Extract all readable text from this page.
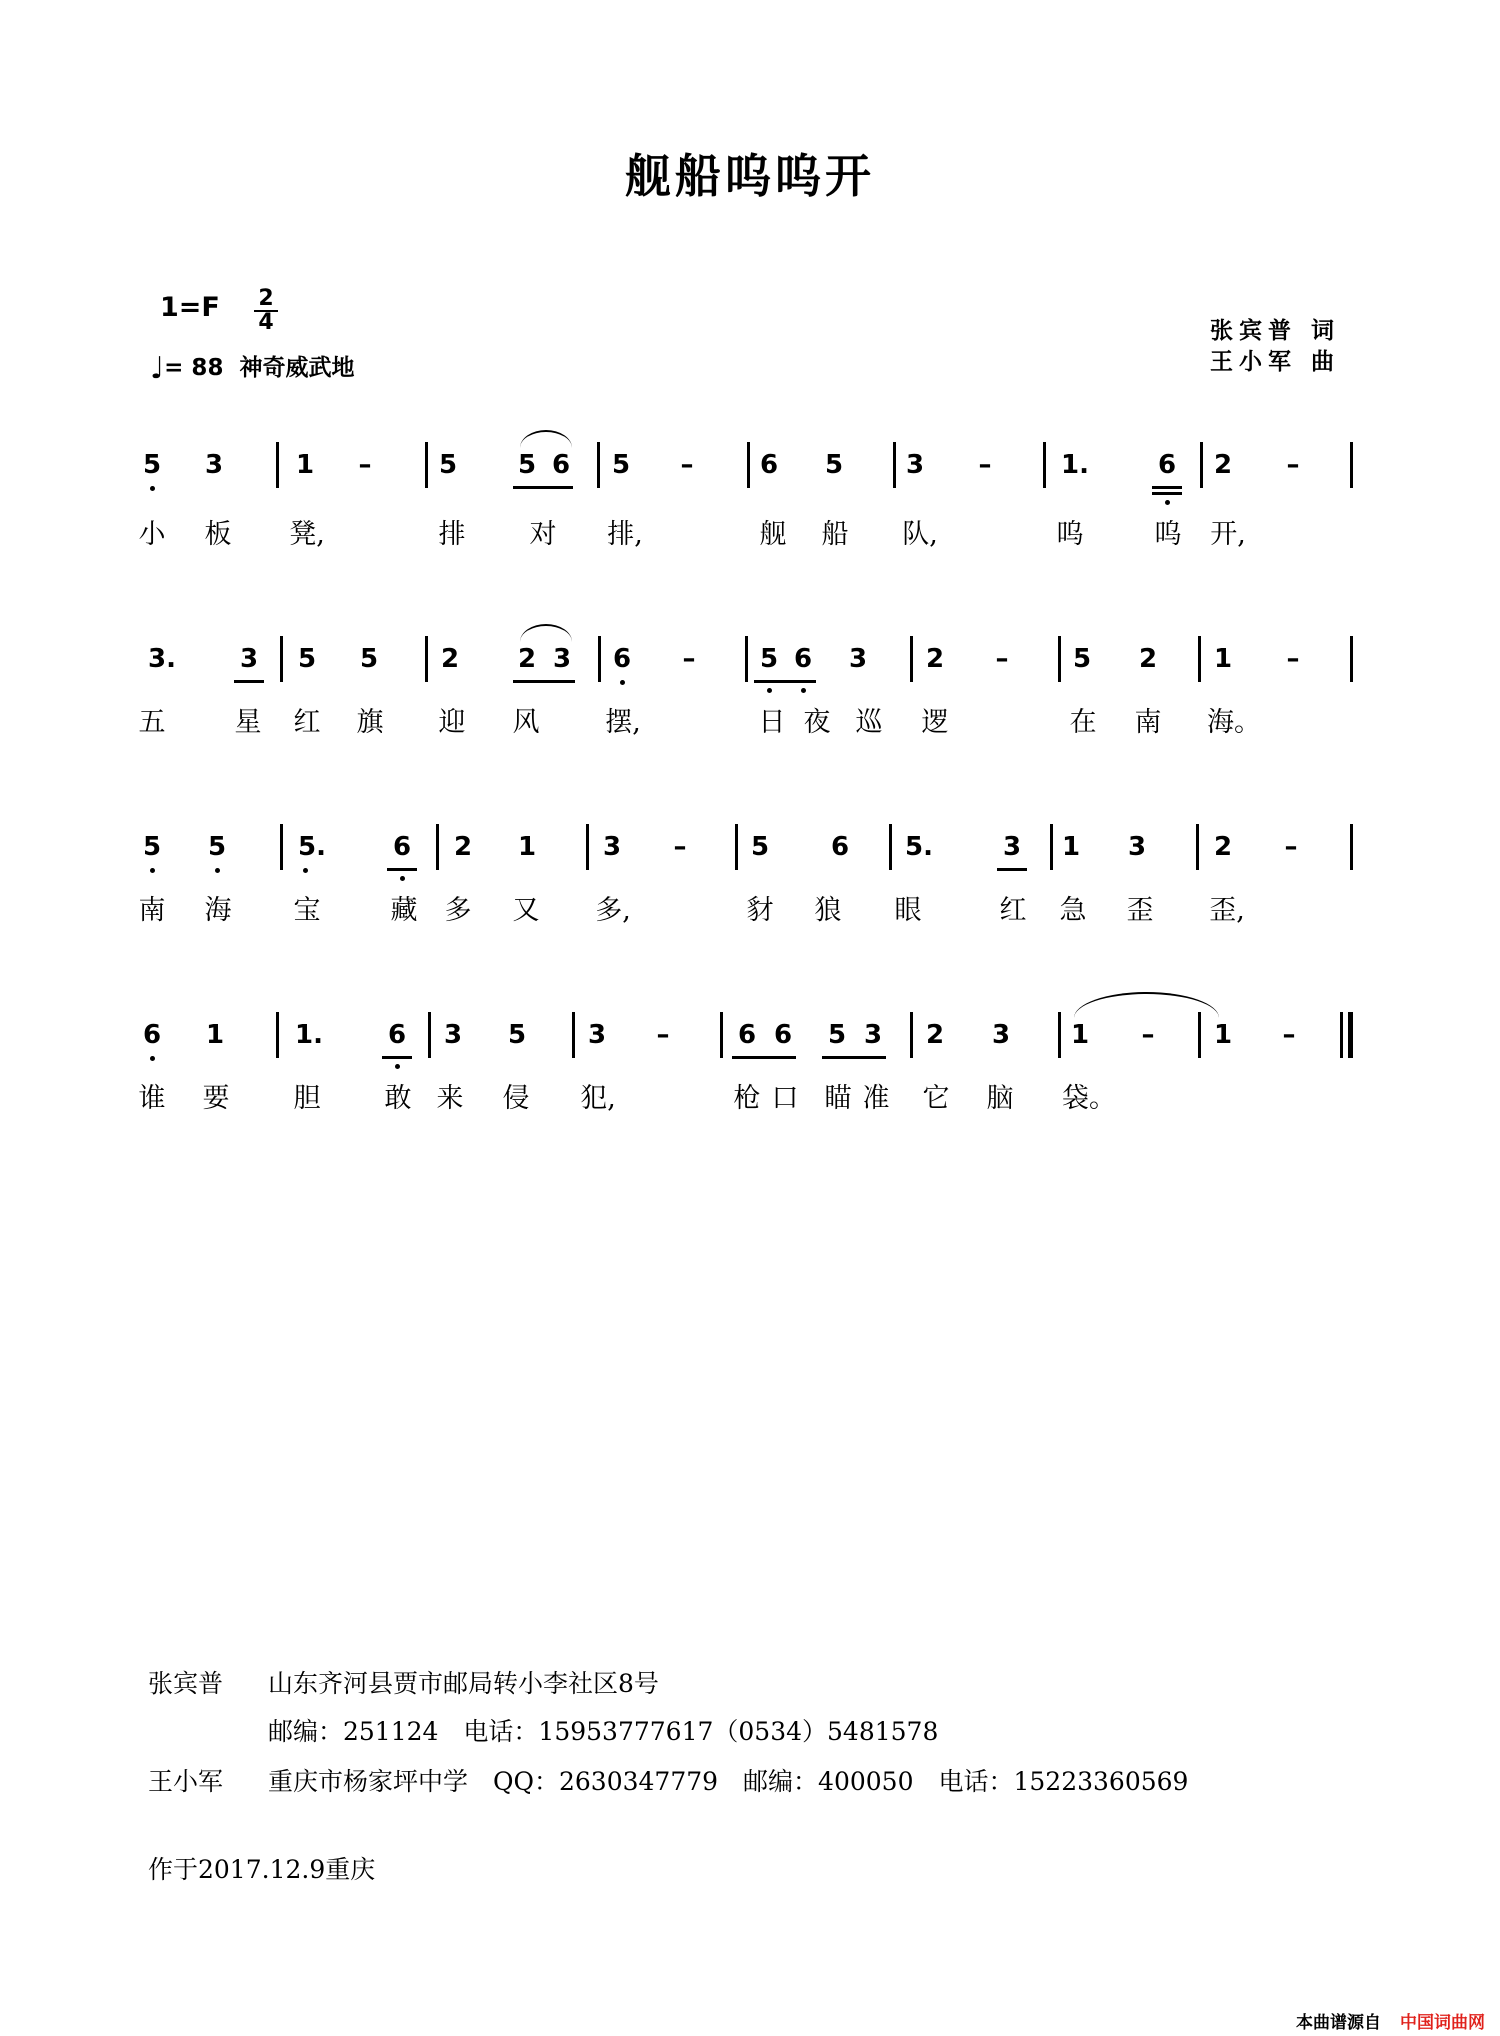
舰船呜呜开
1=F 2
4
♩= 88 神奇威武地
张宾普 词
王小军 曲
5	3	1	–	5	5 6	5	–	6	5	3	–	1.	6	2	–
小 板 凳,	排 对 排,	舰 船 队,	呜	呜 开,
3.	3	5	5	2	2 3	6	–	5 6	3	2	–	5	2	1	–
五	星 红 旗 迎 风 摆,	日 夜 巡 逻	在 南 海。
5	5	5.	6	2	1	3	–	5	6	5.	3	1	3	2	–
南 海 宝	藏 多 又 多,	豺 狼 眼	红 急 歪 歪,
6	1	1.	6	3	5	3	–	6 6	5 3	2	3	1	–	1	–
谁 要 胆 敢 来 侵 犯,	枪 口 瞄 准 它 脑 袋。
张宾普 山东齐河县贾市邮局转小李社区8号
邮编：251124　电话：15953777617（0534）5481578
王小军 重庆市杨家坪中学　QQ：2630347779　邮编：400050　电话：15223360569
作于2017.12.9重庆
本曲谱源自 中国词曲网
